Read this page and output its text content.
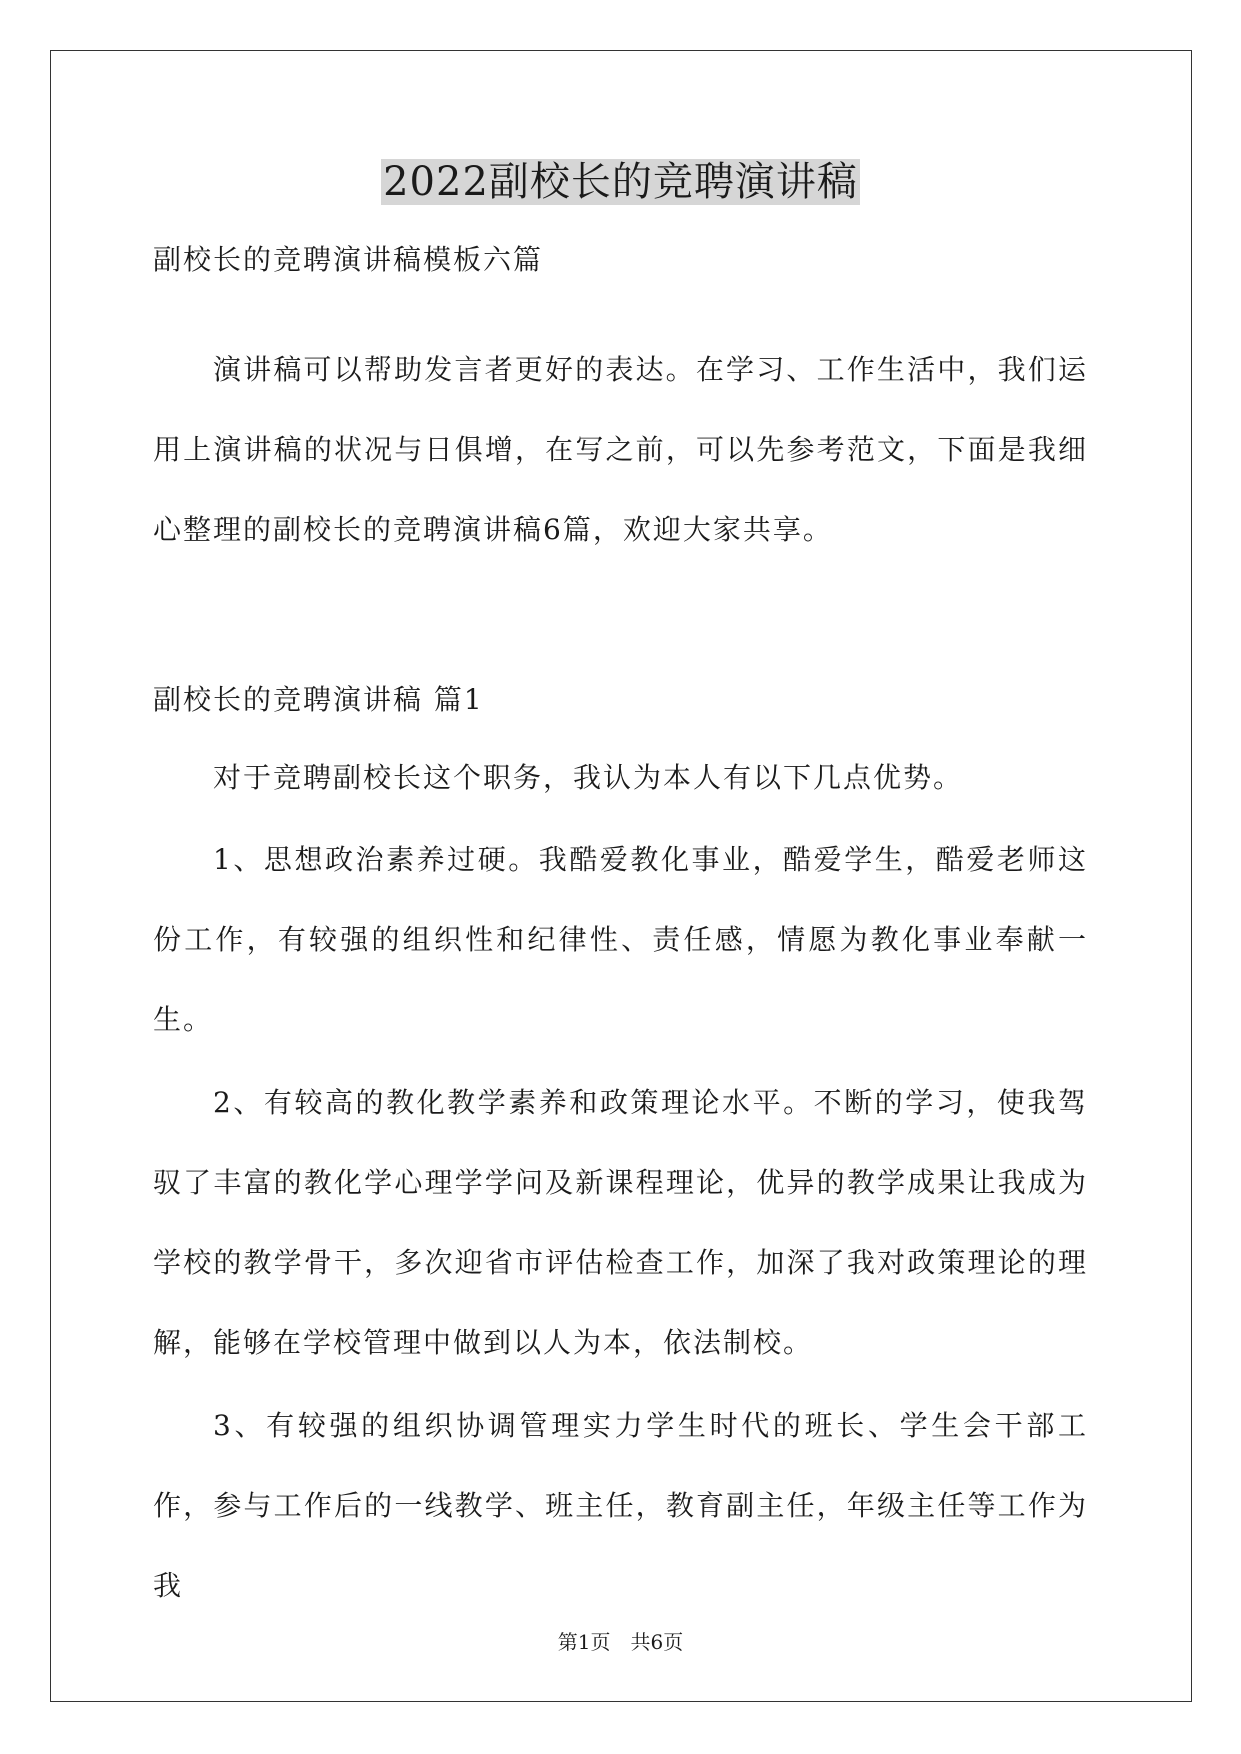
2022副校长的竞聘演讲稿

副校长的竞聘演讲稿模板六篇

演讲稿可以帮助发言者更好的表达。在学习、工作生活中，我们运用上演讲稿的状况与日俱增，在写之前，可以先参考范文，下面是我细心整理的副校长的竞聘演讲稿6篇，欢迎大家共享。

副校长的竞聘演讲稿 篇1

对于竞聘副校长这个职务，我认为本人有以下几点优势。

1、思想政治素养过硬。我酷爱教化事业，酷爱学生，酷爱老师这份工作，有较强的组织性和纪律性、责任感，情愿为教化事业奉献一生。

2、有较高的教化教学素养和政策理论水平。不断的学习，使我驾驭了丰富的教化学心理学学问及新课程理论，优异的教学成果让我成为学校的教学骨干，多次迎省市评估检查工作，加深了我对政策理论的理解，能够在学校管理中做到以人为本，依法制校。

3、有较强的组织协调管理实力学生时代的班长、学生会干部工作，参与工作后的一线教学、班主任，教育副主任，年级主任等工作为我

第1页　共6页
